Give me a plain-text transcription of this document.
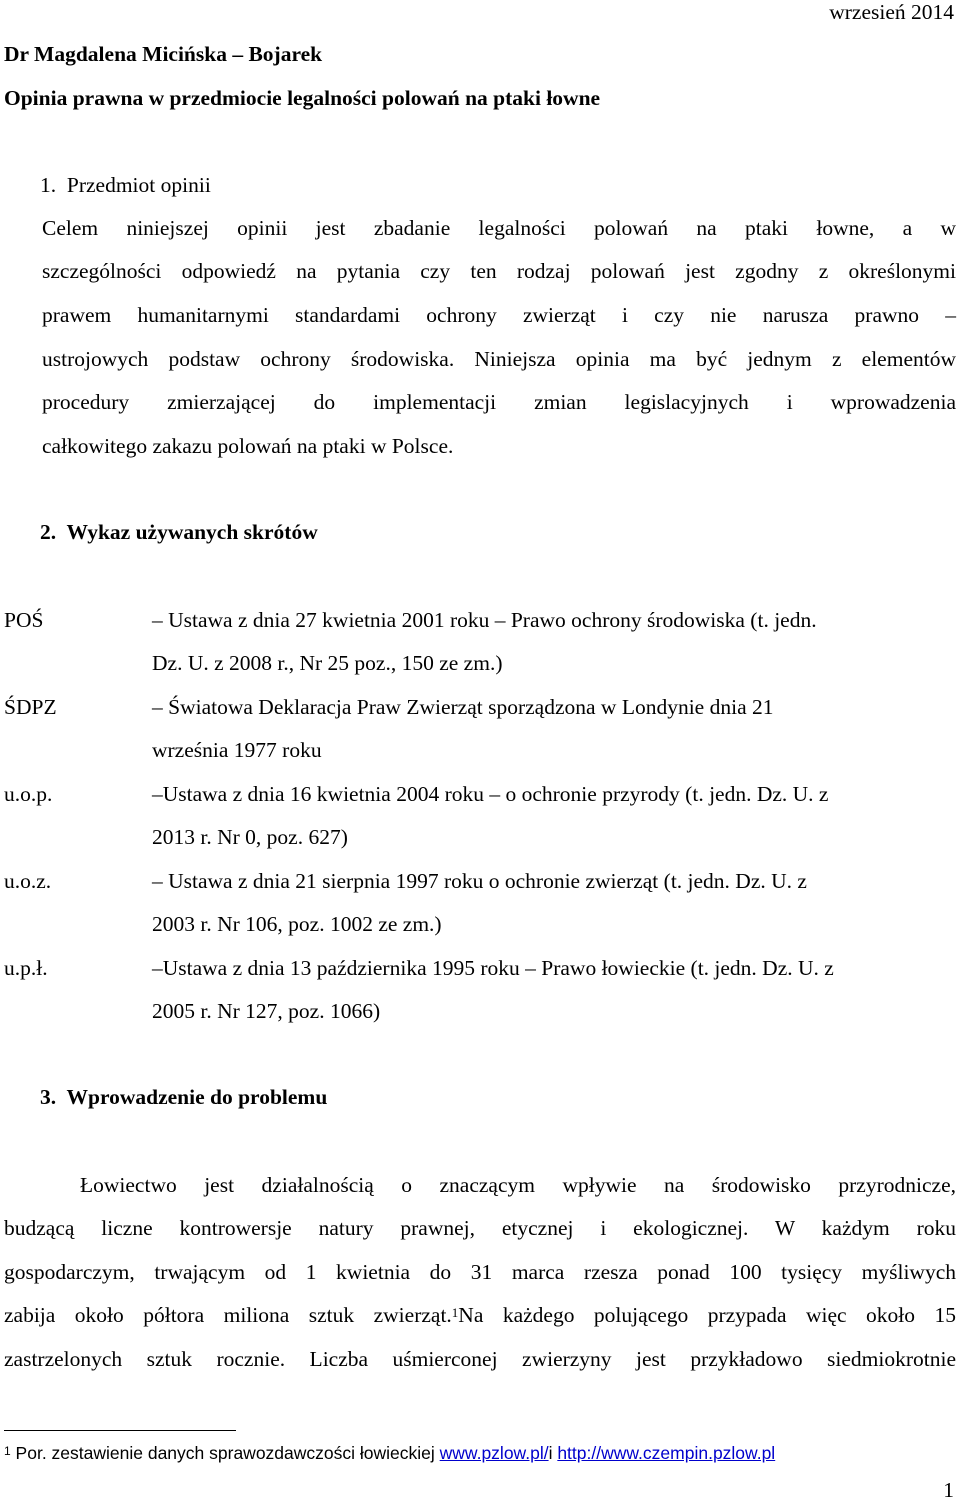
wrzesień 2014
Dr Magdalena Micińska – Bojarek
Opinia prawna w przedmiocie legalności polowań na ptaki łowne
1.  Przedmiot opinii
Celem niniejszej opinii jest zbadanie legalności polowań na ptaki łowne, a w
szczególności odpowiedź na pytania czy ten rodzaj polowań jest zgodny z określonymi
prawem humanitarnymi standardami ochrony zwierząt i czy nie narusza prawno –
ustrojowych podstaw ochrony środowiska. Niniejsza opinia ma być jednym z elementów
procedury zmierzającej do implementacji zmian legislacyjnych i wprowadzenia
całkowitego zakazu polowań na ptaki w Polsce.
2.  Wykaz używanych skrótów
POŚ	– Ustawa z dnia 27 kwietnia 2001 roku – Prawo ochrony środowiska (t. jedn.
Dz. U. z 2008 r., Nr 25 poz., 150 ze zm.)
ŚDPZ	– Światowa Deklaracja Praw Zwierząt sporządzona w Londynie dnia 21
września 1977 roku
u.o.p.	–Ustawa z dnia 16 kwietnia 2004 roku – o ochronie przyrody (t. jedn. Dz. U. z
2013 r. Nr 0, poz. 627)
u.o.z.	– Ustawa z dnia 21 sierpnia 1997 roku o ochronie zwierząt (t. jedn. Dz. U. z
2003 r. Nr 106, poz. 1002 ze zm.)
u.p.ł.	–Ustawa z dnia 13 października 1995 roku – Prawo łowieckie (t. jedn. Dz. U. z
2005 r. Nr 127, poz. 1066)
3.  Wprowadzenie do problemu
Łowiectwo jest działalnością o znaczącym wpływie na środowisko przyrodnicze,
budzącą liczne kontrowersje natury prawnej, etycznej i ekologicznej. W każdym roku
gospodarczym, trwającym od 1 kwietnia do 31 marca rzesza ponad 100 tysięcy myśliwych
zabija około półtora miliona sztuk zwierząt.$^1$Na każdego polującego przypada więc około 15
zastrzelonych sztuk rocznie. Liczba uśmierconej zwierzyny jest przykładowo siedmiokrotnie
$^1$ Por. zestawienie danych sprawozdawczości łowieckiej www.pzlow.pl/i http://www.czempin.pzlow.pl
1
